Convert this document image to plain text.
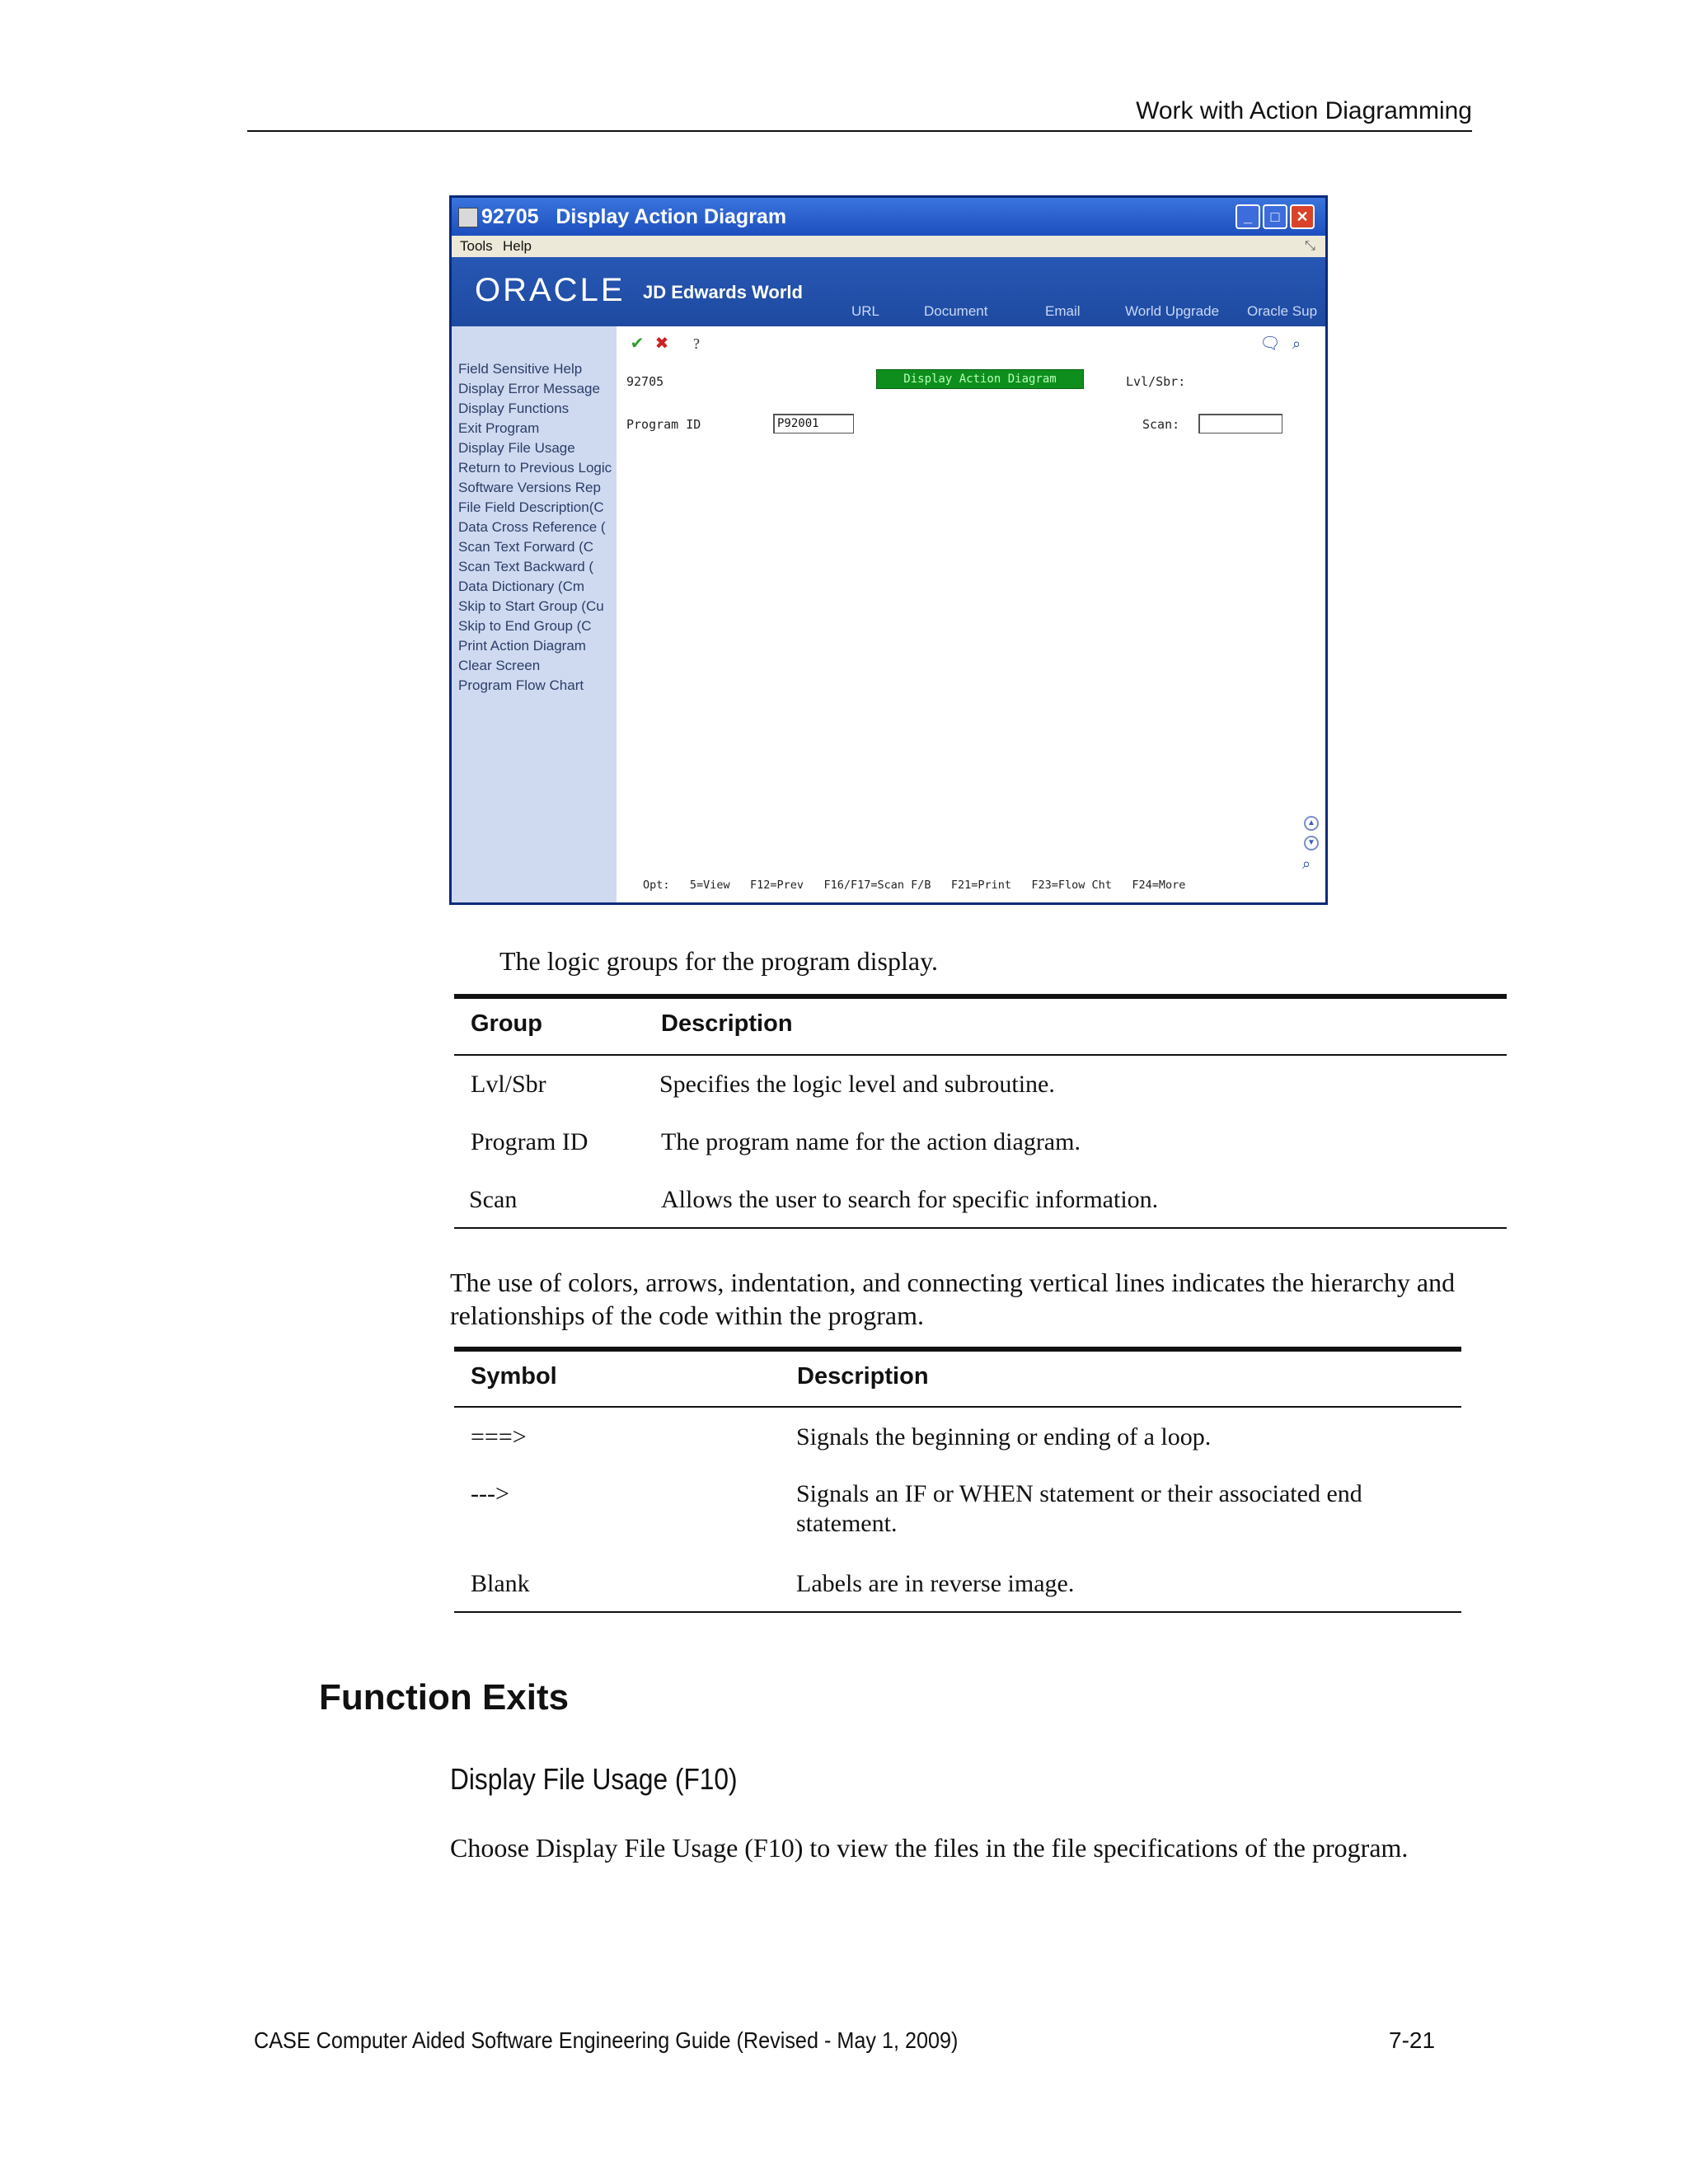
Work with Action Diagramming
92705   Display Action Diagram	_	□	✕
Tools Help	⤡
ORACLE JD Edwards World
URL	Document	Email	World Upgrade Oracle Sup
Field Sensitive Help
Display Error Message
Display Functions
Exit Program
Display File Usage
Return to Previous Logic
Software Versions Rep
File Field Description(C
Data Cross Reference (
Scan Text Forward (C
Scan Text Backward (
Data Dictionary (Cm
Skip to Start Group (Cu
Skip to End Group (C
Print Action Diagram
Clear Screen
Program Flow Chart
✔ ✖	?	🗨 ⌕
92705	Display Action Diagram	Lvl/Sbr:
Program ID	P92001	Scan:
▲
▼
⌕
Opt:   5=View   F12=Prev   F16/F17=Scan F/B   F21=Print   F23=Flow Cht   F24=More
The logic groups for the program display.
Group	Description
Lvl/Sbr	Specifies the logic level and subroutine.
Program ID	The program name for the action diagram.
Scan	Allows the user to search for specific information.
The use of colors, arrows, indentation, and connecting vertical lines indicates the hierarchy and relationships of the code within the program.
Symbol	Description
===>	Signals the beginning or ending of a loop.
--->	Signals an IF or WHEN statement or their associated end statement.
Blank	Labels are in reverse image.
Function Exits
Display File Usage (F10)
Choose Display File Usage (F10) to view the files in the file specifications of the program.
CASE Computer Aided Software Engineering Guide (Revised - May 1, 2009)	7-21
